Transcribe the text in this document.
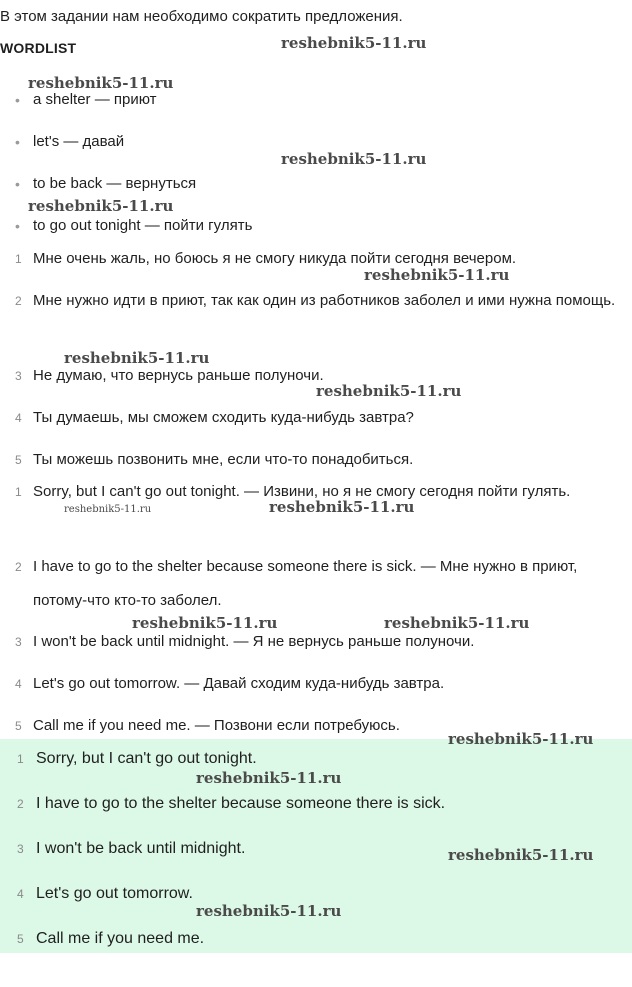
В этом задании нам необходимо сократить предложения.
WORDLIST
• a shelter — приют
• let's — давай
• to be back — вернуться
• to go out tonight — пойти гулять
1 Мне очень жаль, но боюсь я не смогу никуда пойти сегодня вечером.
2 Мне нужно идти в приют, так как один из работников заболел и ими нужна помощь.
3 Не думаю, что вернусь раньше полуночи.
4 Ты думаешь, мы сможем сходить куда-нибудь завтра?
5 Ты можешь позвонить мне, если что-то понадобиться.
1 Sorry, but I can't go out tonight. — Извини, но я не смогу сегодня пойти гулять.
2 I have to go to the shelter because someone there is sick. — Мне нужно в приют, потому-что кто-то заболел.
3 I won't be back until midnight. — Я не вернусь раньше полуночи.
4 Let's go out tomorrow. — Давай сходим куда-нибудь завтра.
5 Call me if you need me. — Позвони если потребуюсь.
1 Sorry, but I can't go out tonight.
2 I have to go to the shelter because someone there is sick.
3 I won't be back until midnight.
4 Let's go out tomorrow.
5 Call me if you need me.
reshebnik5-11.ru
reshebnik5-11.ru
reshebnik5-11.ru
reshebnik5-11.ru
reshebnik5-11.ru
reshebnik5-11.ru
reshebnik5-11.ru
reshebnik5-11.ru	reshebnik5-11.ru
reshebnik5-11.ru	reshebnik5-11.ru
reshebnik5-11.ru
reshebnik5-11.ru
reshebnik5-11.ru
reshebnik5-11.ru
